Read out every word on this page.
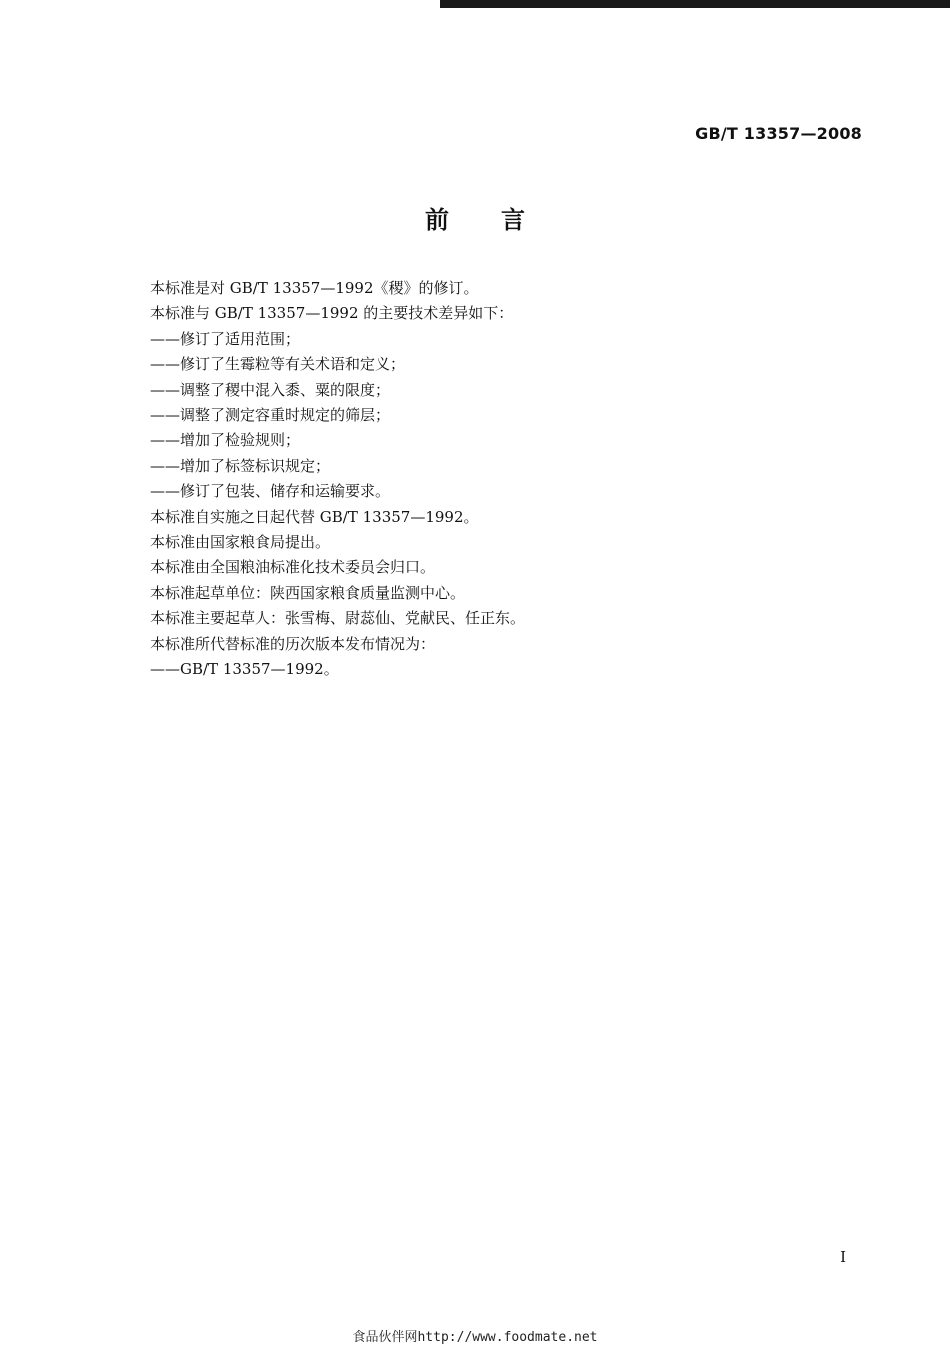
GB/T 13357—2008
前言
本标准是对 GB/T 13357—1992《稷》的修订。
本标准与 GB/T 13357—1992 的主要技术差异如下：
——修订了适用范围；
——修订了生霉粒等有关术语和定义；
——调整了稷中混入黍、粟的限度；
——调整了测定容重时规定的筛层；
——增加了检验规则；
——增加了标签标识规定；
——修订了包装、储存和运输要求。
本标准自实施之日起代替 GB/T 13357—1992。
本标准由国家粮食局提出。
本标准由全国粮油标准化技术委员会归口。
本标准起草单位：陕西国家粮食质量监测中心。
本标准主要起草人：张雪梅、尉蕊仙、党献民、任正东。
本标准所代替标准的历次版本发布情况为：
——GB/T 13357—1992。
I
食品伙伴网http://www.foodmate.net
